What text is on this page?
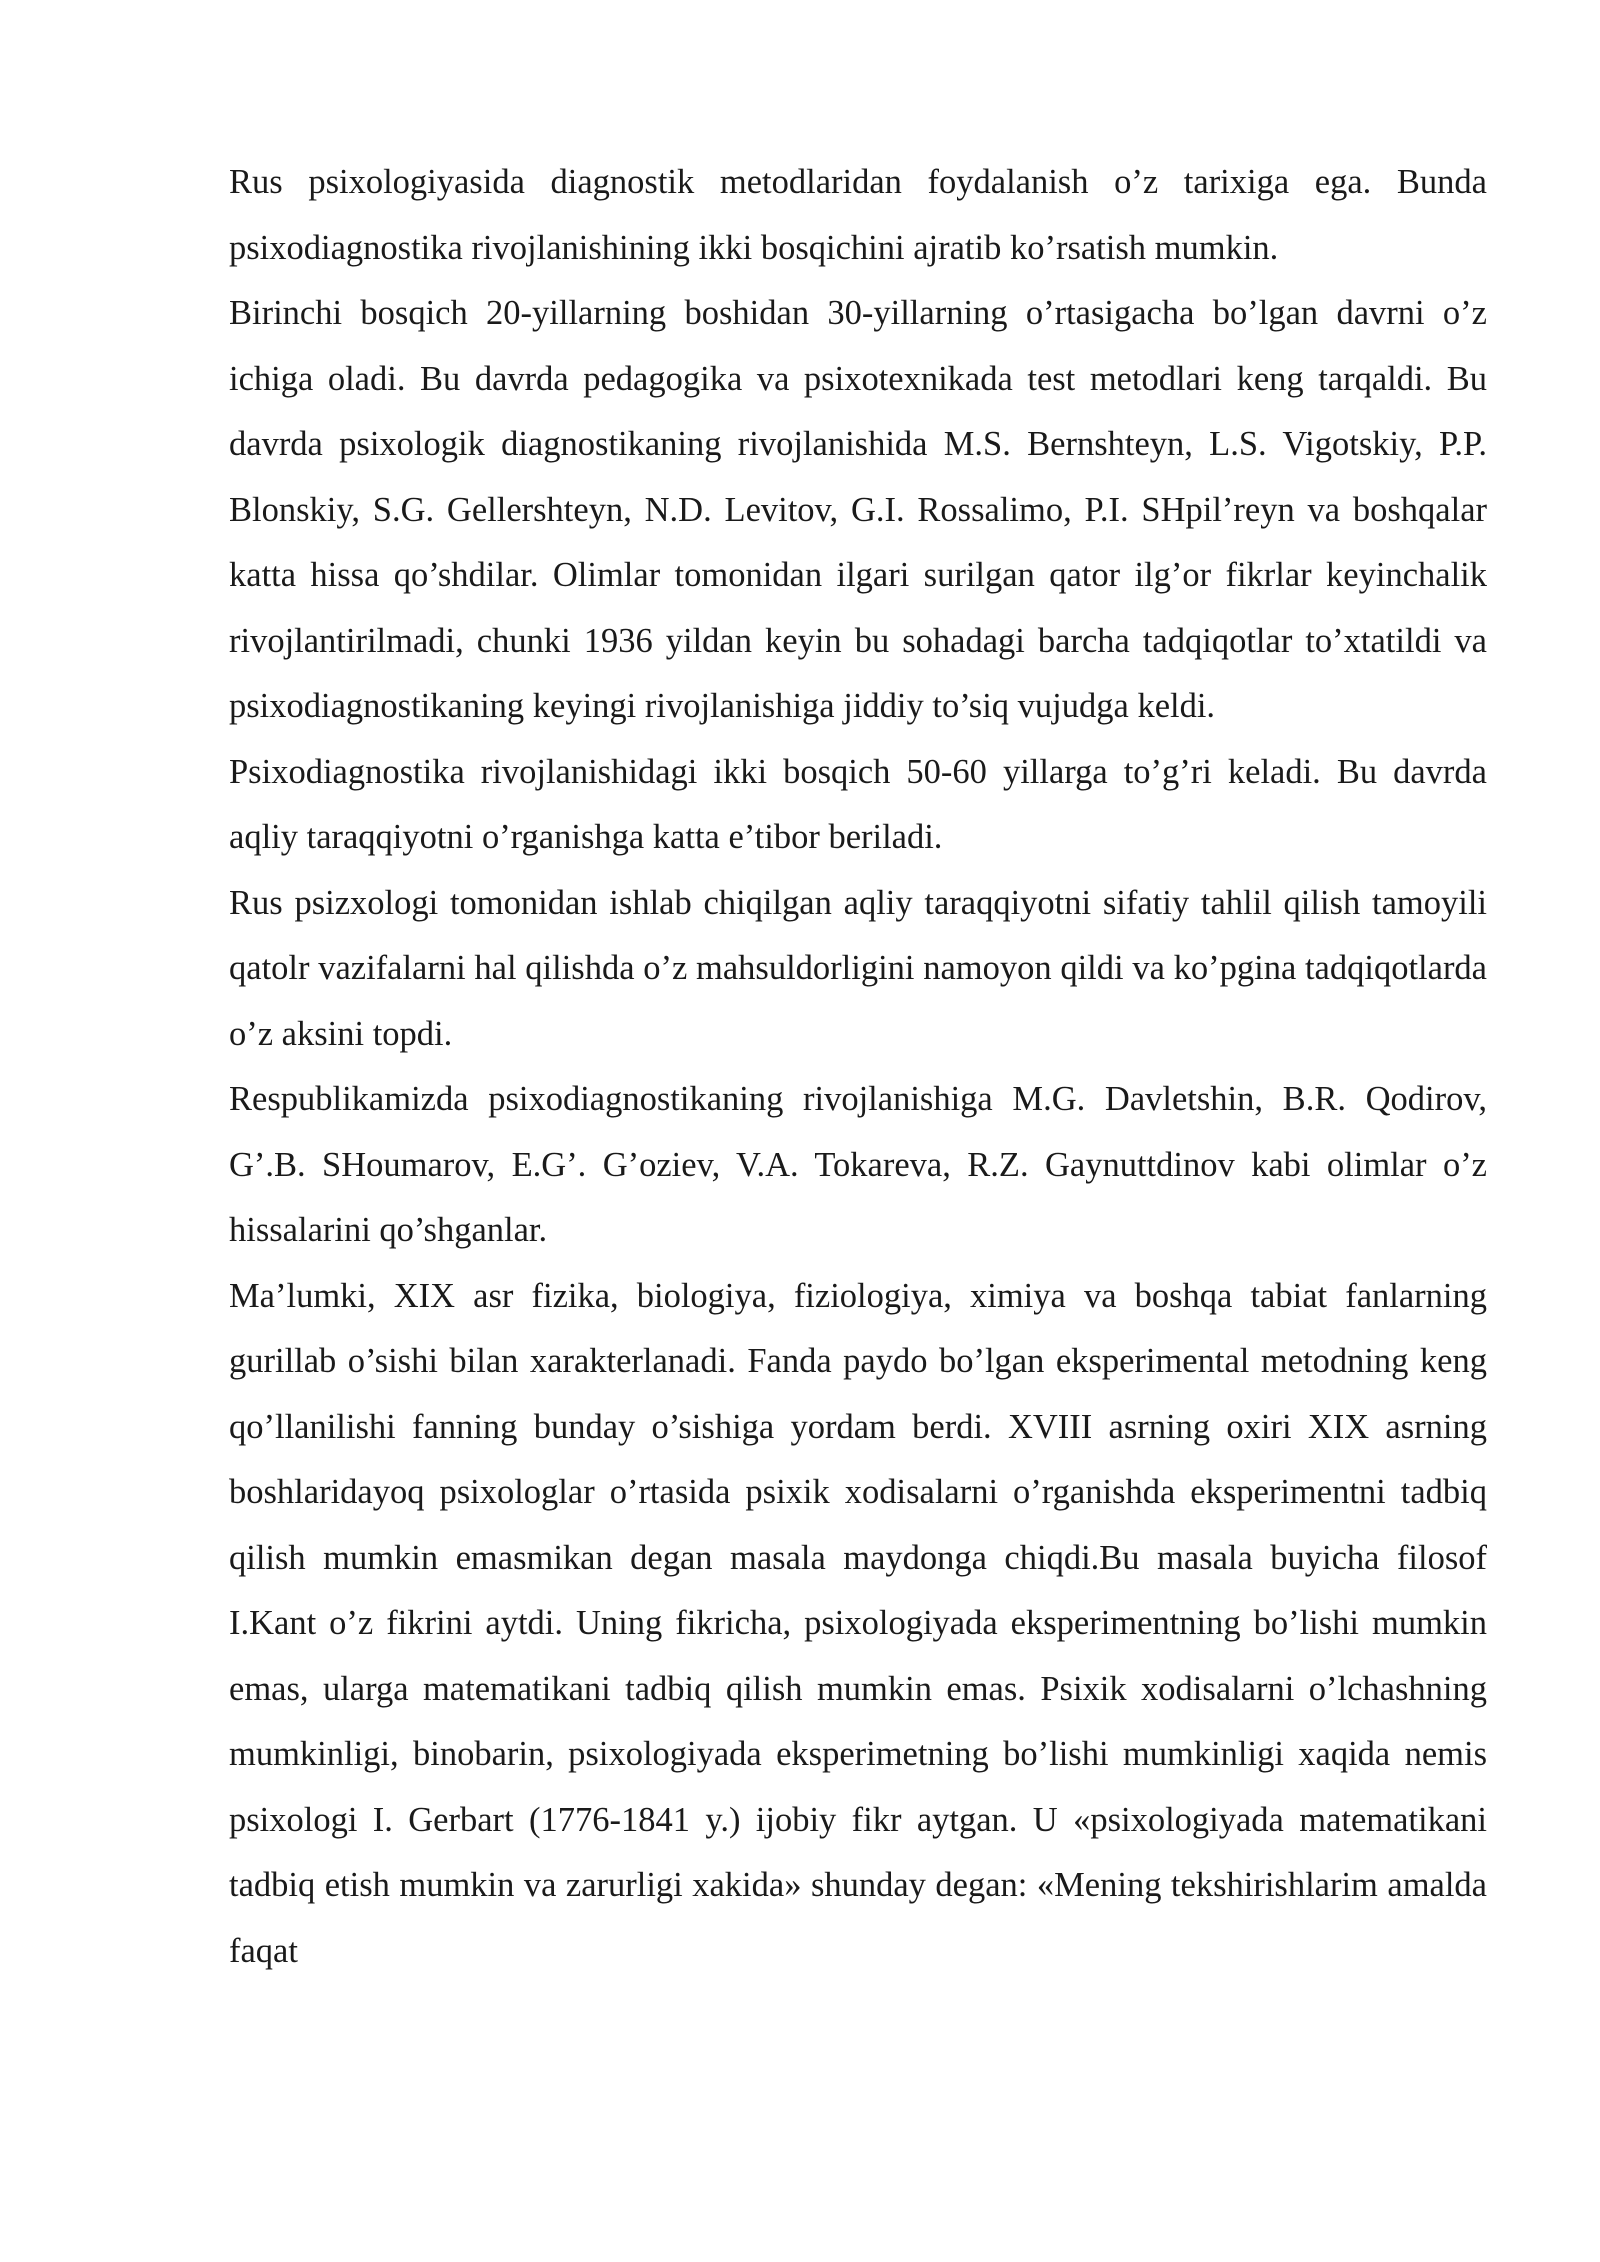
Rus psixologiyasida diagnostik metodlaridan foydalanish o’z tarixiga ega. Bunda psixodiagnostika rivojlanishining ikki bosqichini ajratib ko’rsatish mumkin.

Birinchi bosqich 20-yillarning boshidan 30-yillarning o’rtasigacha bo’lgan davrni o’z ichiga oladi. Bu davrda pedagogika va psixotexnikada test metodlari keng tarqaldi. Bu davrda psixologik diagnostikaning rivojlanishida M.S. Bernshteyn, L.S. Vigotskiy, P.P. Blonskiy, S.G. Gellershteyn, N.D. Levitov, G.I. Rossalimo, P.I. SHpil’reyn va boshqalar katta hissa qo’shdilar. Olimlar tomonidan ilgari surilgan qator ilg’or fikrlar keyinchalik rivojlantirilmadi, chunki 1936 yildan keyin bu sohadagi barcha tadqiqotlar to’xtatildi va psixodiagnostikaning keyingi rivojlanishiga jiddiy to’siq vujudga keldi.

Psixodiagnostika rivojlanishidagi ikki bosqich 50-60 yillarga to’g’ri keladi. Bu davrda aqliy taraqqiyotni o’rganishga katta e’tibor beriladi.

Rus psizxologi tomonidan ishlab chiqilgan aqliy taraqqiyotni sifatiy tahlil qilish tamoyili qatolr vazifalarni hal qilishda o’z mahsuldorligini namoyon qildi va ko’pgina tadqiqotlarda o’z aksini topdi.

Respublikamizda psixodiagnostikaning rivojlanishiga M.G. Davletshin, B.R. Qodirov, G’.B. SHoumarov, E.G’. G’oziev, V.A. Tokareva, R.Z. Gaynuttdinov kabi olimlar o’z hissalarini qo’shganlar.

Ma’lumki, XIX asr fizika, biologiya, fiziologiya, ximiya va boshqa tabiat fanlarning gurillab o’sishi bilan xarakterlanadi. Fanda paydo bo’lgan eksperimental metodning keng qo’llanilishi fanning bunday o’sishiga yordam berdi. XVIII asrning oxiri XIX asrning boshlaridayoq psixologlar o’rtasida psixik xodisalarni o’rganishda eksperimentni tadbiq qilish mumkin emasmikan degan masala maydonga chiqdi.Bu masala buyicha filosof I.Kant o’z fikrini aytdi. Uning fikricha, psixologiyada eksperimentning bo’lishi mumkin emas, ularga matematikani tadbiq qilish mumkin emas. Psixik xodisalarni o’lchashning mumkinligi, binobarin, psixologiyada eksperimetning bo’lishi mumkinligi xaqida nemis psixologi I. Gerbart (1776-1841 y.) ijobiy fikr aytgan. U «psixologiyada matematikani tadbiq etish mumkin va zarurligi xakida» shunday degan: «Mening tekshirishlarim amalda faqat
